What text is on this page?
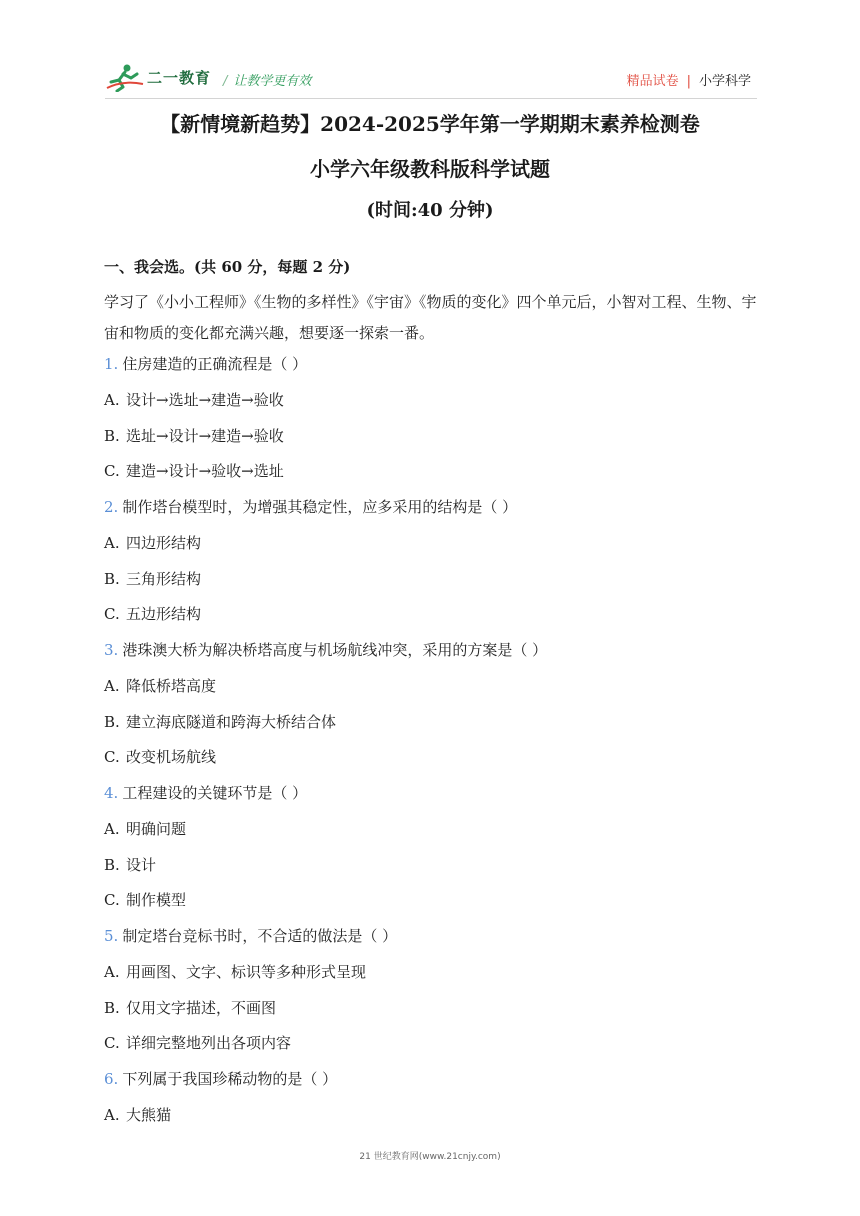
二一教育 / 让教学更有效	精品试卷 | 小学科学
【新情境新趋势】2024-2025学年第一学期期末素养检测卷
小学六年级教科版科学试题
(时间:40 分钟)
一、我会选。(共 60 分，每题 2 分)
学习了《小小工程师》《生物的多样性》《宇宙》《物质的变化》四个单元后，小智对工程、生物、宇宙和物质的变化都充满兴趣，想要逐一探索一番。
1. 住房建造的正确流程是（ ）
A. 设计→选址→建造→验收
B. 选址→设计→建造→验收
C. 建造→设计→验收→选址
2. 制作塔台模型时，为增强其稳定性，应多采用的结构是（ ）
A. 四边形结构
B. 三角形结构
C. 五边形结构
3. 港珠澳大桥为解决桥塔高度与机场航线冲突，采用的方案是（ ）
A. 降低桥塔高度
B. 建立海底隧道和跨海大桥结合体
C. 改变机场航线
4. 工程建设的关键环节是（ ）
A. 明确问题
B. 设计
C. 制作模型
5. 制定塔台竞标书时，不合适的做法是（ ）
A. 用画图、文字、标识等多种形式呈现
B. 仅用文字描述，不画图
C. 详细完整地列出各项内容
6. 下列属于我国珍稀动物的是（ ）
A. 大熊猫
21 世纪教育网(www.21cnjy.com)
